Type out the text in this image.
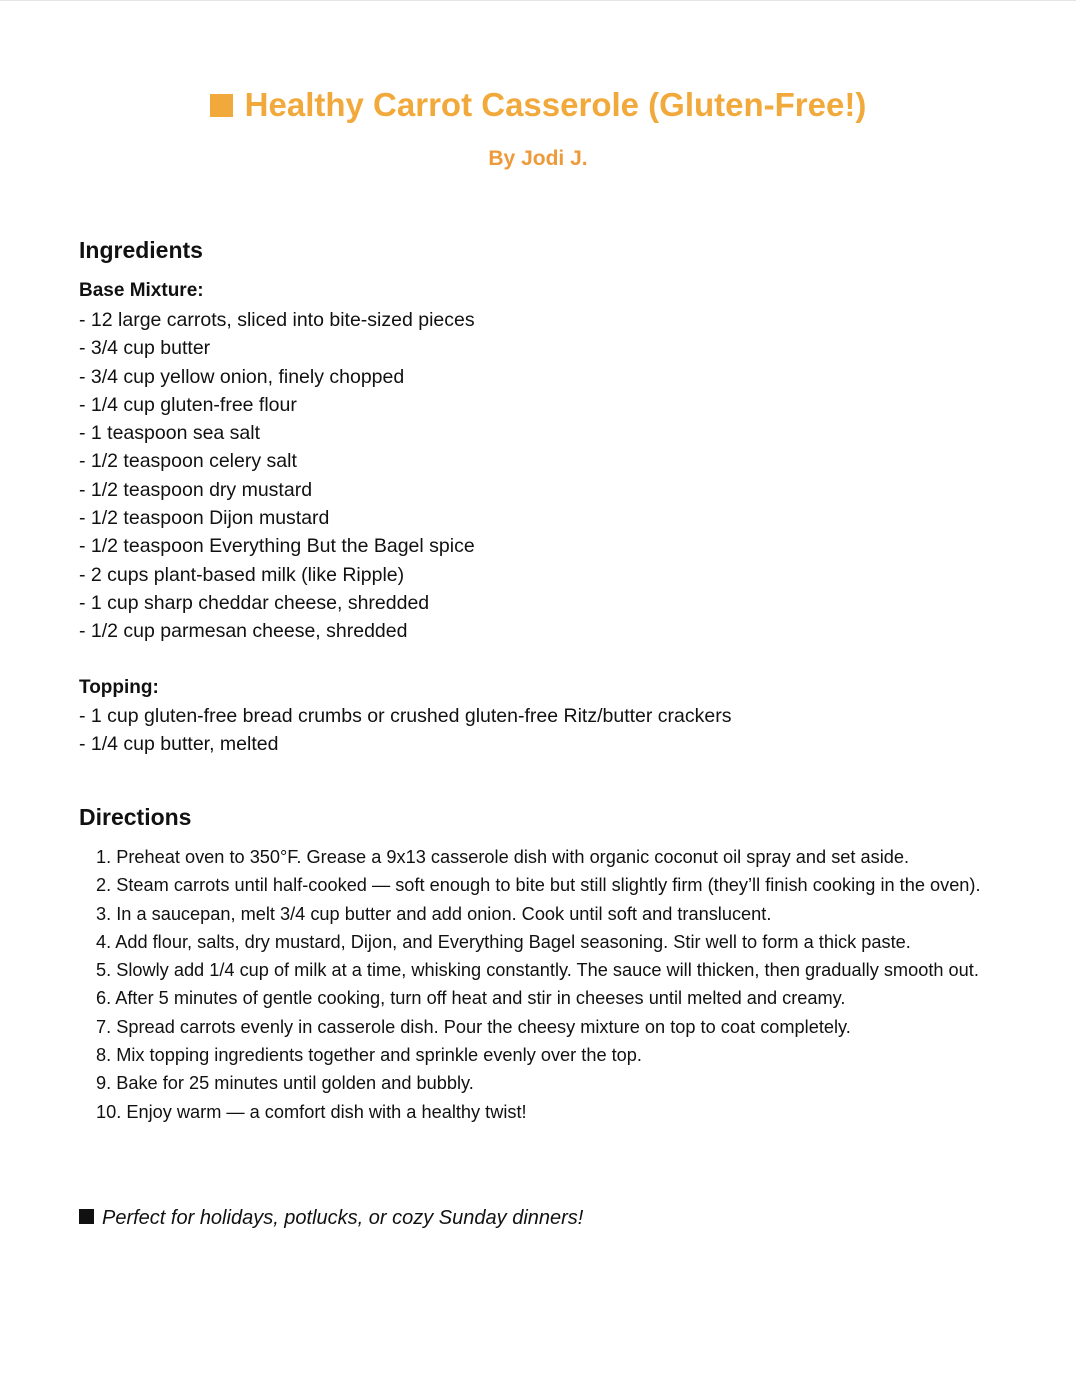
Healthy Carrot Casserole (Gluten-Free!)
By Jodi J.
Ingredients
Base Mixture:
- 12 large carrots, sliced into bite-sized pieces
- 3/4 cup butter
- 3/4 cup yellow onion, finely chopped
- 1/4 cup gluten-free flour
- 1 teaspoon sea salt
- 1/2 teaspoon celery salt
- 1/2 teaspoon dry mustard
- 1/2 teaspoon Dijon mustard
- 1/2 teaspoon Everything But the Bagel spice
- 2 cups plant-based milk (like Ripple)
- 1 cup sharp cheddar cheese, shredded
- 1/2 cup parmesan cheese, shredded
Topping:
- 1 cup gluten-free bread crumbs or crushed gluten-free Ritz/butter crackers
- 1/4 cup butter, melted
Directions
1. Preheat oven to 350°F. Grease a 9x13 casserole dish with organic coconut oil spray and set aside.
2. Steam carrots until half-cooked — soft enough to bite but still slightly firm (they’ll finish cooking in the oven).
3. In a saucepan, melt 3/4 cup butter and add onion. Cook until soft and translucent.
4. Add flour, salts, dry mustard, Dijon, and Everything Bagel seasoning. Stir well to form a thick paste.
5. Slowly add 1/4 cup of milk at a time, whisking constantly. The sauce will thicken, then gradually smooth out.
6. After 5 minutes of gentle cooking, turn off heat and stir in cheeses until melted and creamy.
7. Spread carrots evenly in casserole dish. Pour the cheesy mixture on top to coat completely.
8. Mix topping ingredients together and sprinkle evenly over the top.
9. Bake for 25 minutes until golden and bubbly.
10. Enjoy warm — a comfort dish with a healthy twist!
Perfect for holidays, potlucks, or cozy Sunday dinners!
